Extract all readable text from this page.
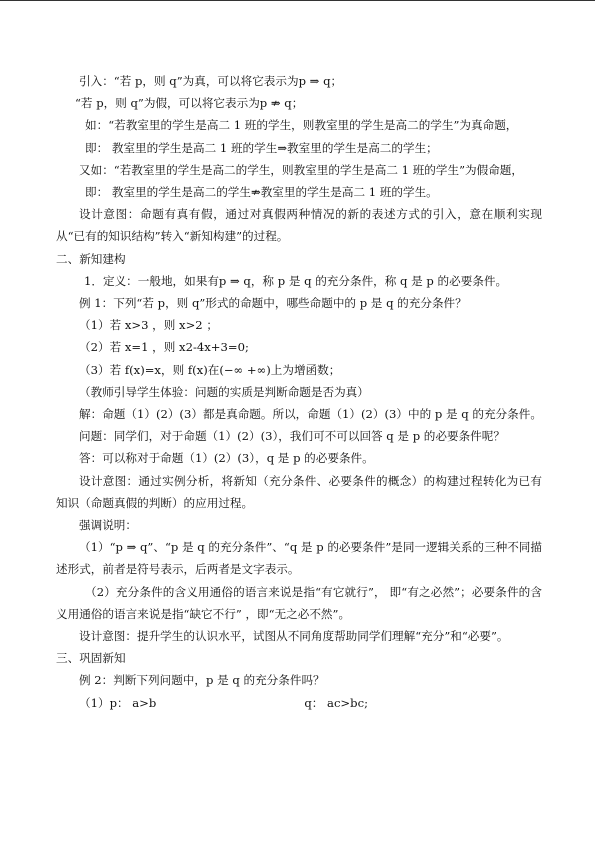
引入：“若 p，则 q”为真，可以将它表示为p ⇒ q；

“若 p，则 q”为假，可以将它表示为p ⇏ q；

如：“若教室里的学生是高二 1 班的学生，则教室里的学生是高二的学生”为真命题，

即： 教室里的学生是高二 1 班的学生⇒教室里的学生是高二的学生；

又如：“若教室里的学生是高二的学生，则教室里的学生是高二 1 班的学生”为假命题，

即： 教室里的学生是高二的学生⇏教室里的学生是高二 1 班的学生。

设计意图：命题有真有假，通过对真假两种情况的新的表述方式的引入，意在顺利实现从“已有的知识结构”转入“新知构建”的过程。

二、新知建构

1．定义：一般地，如果有p ⇒ q，称 p 是 q 的充分条件，称 q 是 p 的必要条件。

例 1：下列“若 p，则 q”形式的命题中，哪些命题中的 p 是 q 的充分条件？

（1）若 x>3 ，则 x>2 ；

（2）若 x=1 ，则 x2-4x+3=0;

（3）若 f(x)=x，则 f(x)在(−∞ +∞)上为增函数；

（教师引导学生体验：问题的实质是判断命题是否为真）

解：命题（1）(2）(3）都是真命题。所以，命题（1）(2）(3）中的 p 是 q 的充分条件。

问题：同学们，对于命题（1）(2）(3），我们可不可以回答 q 是 p 的必要条件呢？

答：可以称对于命题（1）(2）(3），q 是 p 的必要条件。

设计意图：通过实例分析，将新知（充分条件、必要条件的概念）的构建过程转化为已有知识（命题真假的判断）的应用过程。

强调说明：

（1）“p ⇒ q”、“p 是 q 的充分条件”、“q 是 p 的必要条件”是同一逻辑关系的三种不同描述形式，前者是符号表示，后两者是文字表示。

（2）充分条件的含义用通俗的语言来说是指“有它就行”， 即“有之必然”；必要条件的含义用通俗的语言来说是指“缺它不行” ，即“无之必不然”。

设计意图：提升学生的认识水平，试图从不同角度帮助同学们理解“充分”和“必要”。

三、巩固新知

例 2：判断下列问题中，p 是 q 的充分条件吗？

（1）p： a>b	q： ac>bc;
